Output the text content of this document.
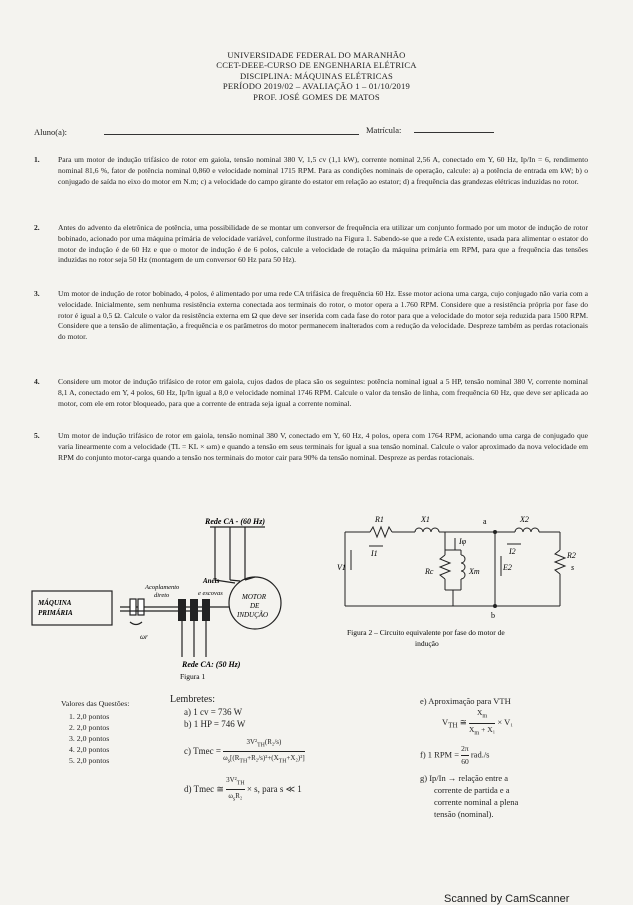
UNIVERSIDADE FEDERAL DO MARANHÃO
CCET-DEEE-CURSO DE ENGENHARIA ELÉTRICA
DISCIPLINA: MÁQUINAS ELÉTRICAS
PERÍODO 2019/02 – AVALIAÇÃO 1 – 01/10/2019
PROF. JOSÉ GOMES DE MATOS
Aluno(a):	Matrícula:
1. Para um motor de indução trifásico de rotor em gaiola, tensão nominal 380 V, 1,5 cv (1,1 kW), corrente nominal 2,56 A, conectado em Y, 60 Hz, Ip/In = 6, rendimento nominal 81,6 %, fator de potência nominal 0,860 e velocidade nominal 1715 RPM. Para as condições nominais de operação, calcule: a) a potência de entrada em kW; b) o conjugado de saída no eixo do motor em N.m; c) a velocidade do campo girante do estator em relação ao estator; d) a frequência das grandezas elétricas induzidas no rotor.
2. Antes do advento da eletrônica de potência, uma possibilidade de se montar um conversor de frequência era utilizar um conjunto formado por um motor de indução de rotor bobinado, acionado por uma máquina primária de velocidade variável, conforme ilustrado na Figura 1. Sabendo-se que a rede CA existente, usada para alimentar o estator do motor de indução é de 60 Hz e que o motor de indução é de 6 polos, calcule a velocidade de rotação da máquina primária em RPM, para que a frequência das tensões induzidas no rotor seja 50 Hz (montagem de um conversor 60 Hz para 50 Hz).
3. Um motor de indução de rotor bobinado, 4 polos, é alimentado por uma rede CA trifásica de frequência 60 Hz. Esse motor aciona uma carga, cujo conjugado não varia com a velocidade. Inicialmente, sem nenhuma resistência externa conectada aos terminais do rotor, o motor opera a 1.760 RPM. Considere que a resistência própria por fase do rotor é igual a 0,5 Ω. Calcule o valor da resistência externa em Ω que deve ser inserida com cada fase do rotor para que a velocidade do motor seja reduzida para 1500 RPM. Considere que a tensão de alimentação, a frequência e os parâmetros do motor permanecem inalterados com a redução da velocidade. Despreze também as perdas rotacionais do motor.
4. Considere um motor de indução trifásico de rotor em gaiola, cujos dados de placa são os seguintes: potência nominal igual a 5 HP, tensão nominal 380 V, corrente nominal 8,1 A, conectado em Y, 4 polos, 60 Hz, Ip/In igual a 8,0 e velocidade nominal 1746 RPM. Calcule o valor da tensão de linha, com frequência 60 Hz, que deve ser aplicada ao motor, com ele em rotor bloqueado, para que a corrente de entrada seja igual a corrente nominal.
5. Um motor de indução trifásico de rotor em gaiola, tensão nominal 380 V, conectado em Y, 60 Hz, 4 polos, opera com 1764 RPM, acionando uma carga de conjugado que varia linearmente com a velocidade (TL = KL × ωm) e quando a tensão em seus terminais for igual a sua tensão nominal. Calcule o valor aproximado da nova velocidade em RPM do conjunto motor-carga quando a tensão nos terminais do motor cair para 90% da tensão nominal. Despreze as perdas rotacionais.
Rede CA - (60 Hz)
MÁQUINA
PRIMÁRIA
Acoplamento
direto
Anéis
e escovas	MOTOR
DE
INDUÇÃO
ωr
Rede CA: (50 Hz)
Figura 1
R1	X1	X2
a
b
I1
Iφ
I2
Rc	Xm
V1	E2
R2
s
Figura 2 – Circuito equivalente por fase do motor de
indução
Valores das Questões:
1. 2,0 pontos
2. 2,0 pontos
3. 2,0 pontos
4. 2,0 pontos
5. 2,0 pontos
Lembretes:
a) 1 cv = 736 W
b) 1 HP = 746 W
c) Tmec =
$3V^2_{TH}(R_2/s)$
$\omega_s[(R_{TH}+R_2/s)^2+(X_{TH}+X_2)^2]$
d) Tmec ≅
$3V^2_{TH}$
$\omega_sR_2$
× s, para s ≪ 1
e) Aproximação para VTH
$V_{TH}$ ≅ $\frac{X_m}{X_m + X_1} \times V_1$
f) 1 RPM = $\frac{2\pi}{60} rad./s$
g) Ip/In → relação entre a
corrente de partida e a
corrente nominal a plena
tensão (nominal).
Scanned by CamScanner
